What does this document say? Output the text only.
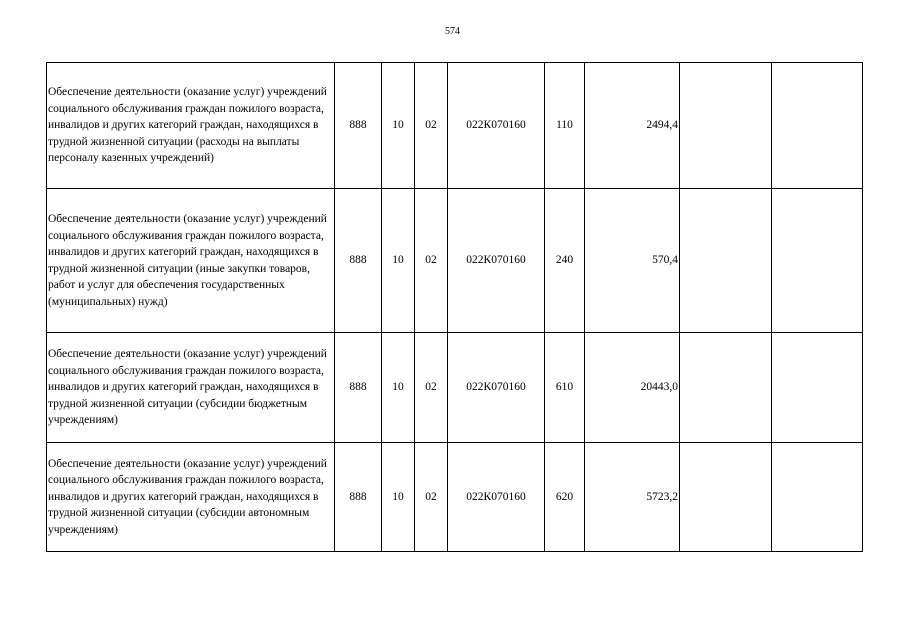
574
Обеспечение деятельности (оказание услуг) учреждений социального обслуживания граждан пожилого возраста, инвалидов и других категорий граждан, находящихся в трудной жизненной ситуации (расходы на выплаты персоналу казенных учреждений)	888	10	02	022К070160	110	2494,4		
Обеспечение деятельности (оказание услуг) учреждений социального обслуживания граждан пожилого возраста, инвалидов и других категорий граждан, находящихся в трудной жизненной ситуации (иные закупки товаров, работ и услуг для обеспечения государственных (муниципальных) нужд)	888	10	02	022К070160	240	570,4		
Обеспечение деятельности (оказание услуг) учреждений социального обслуживания граждан пожилого возраста, инвалидов и других категорий граждан, находящихся в трудной жизненной ситуации (субсидии бюджетным учреждениям)	888	10	02	022К070160	610	20443,0		
Обеспечение деятельности (оказание услуг) учреждений социального обслуживания граждан пожилого возраста, инвалидов и других категорий граждан, находящихся в трудной жизненной ситуации (субсидии автономным учреждениям)	888	10	02	022К070160	620	5723,2		
